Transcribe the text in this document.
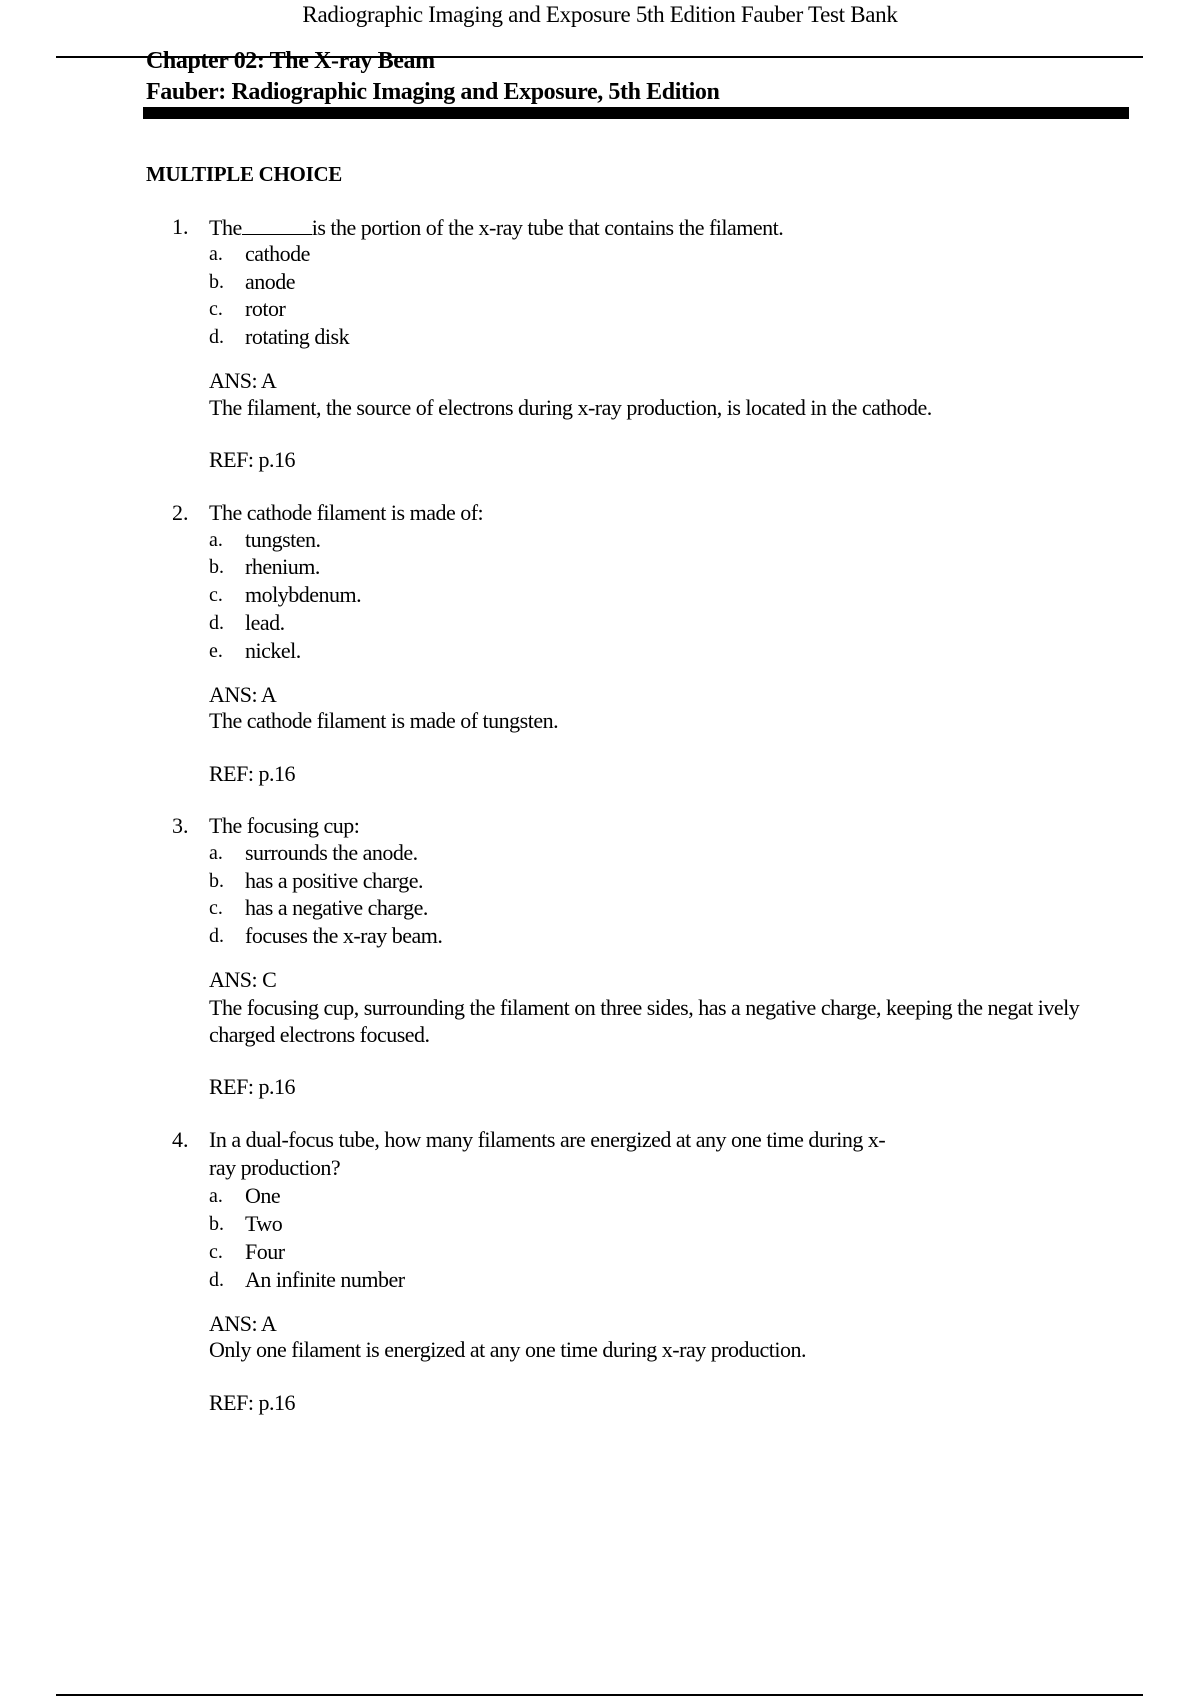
Radiographic Imaging and Exposure 5th Edition Fauber Test Bank
Chapter 02: The X-ray Beam
Fauber: Radiographic Imaging and Exposure, 5th Edition
MULTIPLE CHOICE
1. The	is the portion of the x-ray tube that contains the filament.
a. cathode
b. anode
c. rotor
d. rotating disk
ANS: A
The filament, the source of electrons during x-ray production, is located in the cathode.
REF: p.16
2. The cathode filament is made of:
a. tungsten.
b. rhenium.
c. molybdenum.
d. lead.
e. nickel.
ANS: A
The cathode filament is made of tungsten.
REF: p.16
3. The focusing cup:
a. surrounds the anode.
b. has a positive charge.
c. has a negative charge.
d. focuses the x-ray beam.
ANS: C
The focusing cup, surrounding the filament on three sides, has a negative charge, keeping the negat ively charged electrons focused.
REF: p.16
4. In a dual-focus tube, how many filaments are energized at any one time during x-
ray production?
a. One
b. Two
c. Four
d. An infinite number
ANS: A
Only one filament is energized at any one time during x-ray production.
REF: p.16
